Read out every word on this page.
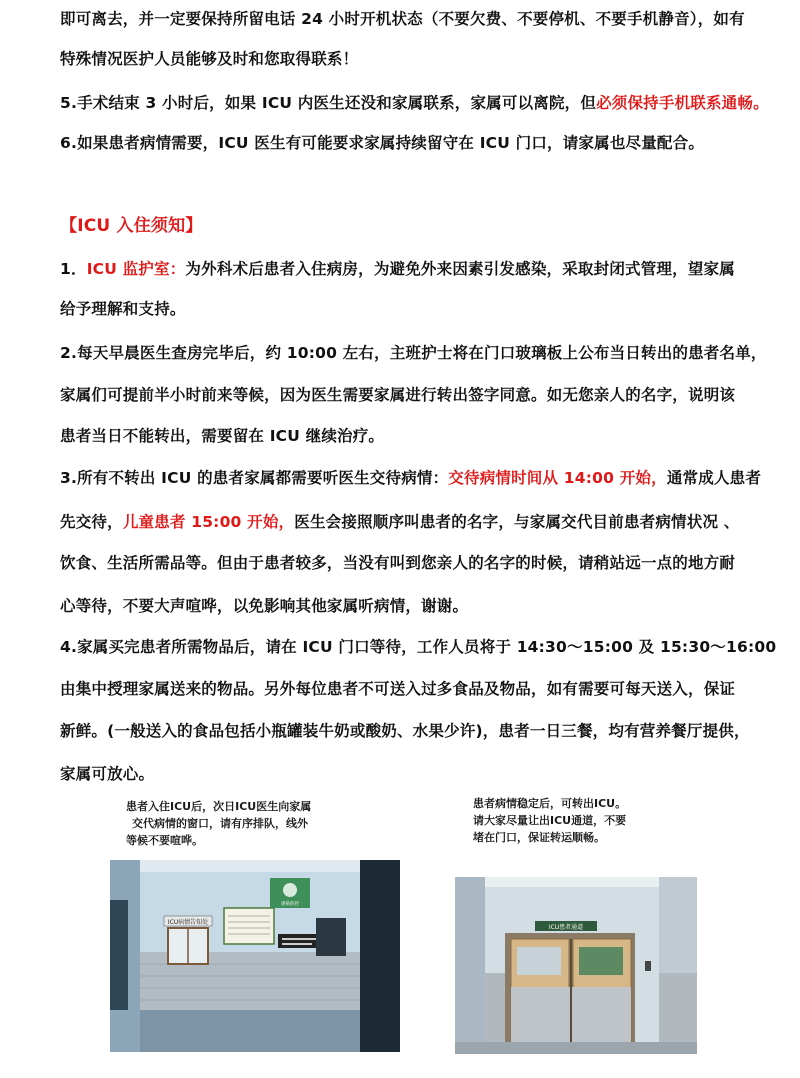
即可离去，并一定要保持所留电话 24 小时开机状态（不要欠费、不要停机、不要手机静音），如有
特殊情况医护人员能够及时和您取得联系！
5.手术结束 3 小时后，如果 ICU 内医生还没和家属联系，家属可以离院，但必须保持手机联系通畅。
6.如果患者病情需要，ICU 医生有可能要求家属持续留守在 ICU 门口，请家属也尽量配合。
【ICU 入住须知】
1．ICU 监护室：为外科术后患者入住病房，为避免外来因素引发感染，采取封闭式管理，望家属
给予理解和支持。
2.每天早晨医生查房完毕后，约 10:00 左右，主班护士将在门口玻璃板上公布当日转出的患者名单，
家属们可提前半小时前来等候，因为医生需要家属进行转出签字同意。如无您亲人的名字，说明该
患者当日不能转出，需要留在 ICU 继续治疗。
3.所有不转出 ICU 的患者家属都需要听医生交待病情：交待病情时间从 14:00 开始，通常成人患者
先交待，儿童患者 15:00 开始，医生会接照顺序叫患者的名字，与家属交代目前患者病情状况 、
饮食、生活所需品等。但由于患者较多，当没有叫到您亲人的名字的时候，请稍站远一点的地方耐
心等待，不要大声喧哗，以免影响其他家属听病情，谢谢。
4.家属买完患者所需物品后，请在 ICU 门口等待，工作人员将于 14:30～15:00 及 15:30～16:00
由集中授理家属送来的物品。另外每位患者不可送入过多食品及物品，如有需要可每天送入，保证
新鲜。(一般送入的食品包括小瓶罐装牛奶或酸奶、水果少许)，患者一日三餐，均有营养餐厅提供，
家属可放心。
患者入住ICU后，次日ICU医生向家属
交代病情的窗口，请有序排队，线外
等候不要喧哗。
患者病情稳定后，可转出ICU。
请大家尽量让出ICU通道，不要
堵在门口，保证转运顺畅。
ICU病情告知处
感染防控
ICU患者通道
